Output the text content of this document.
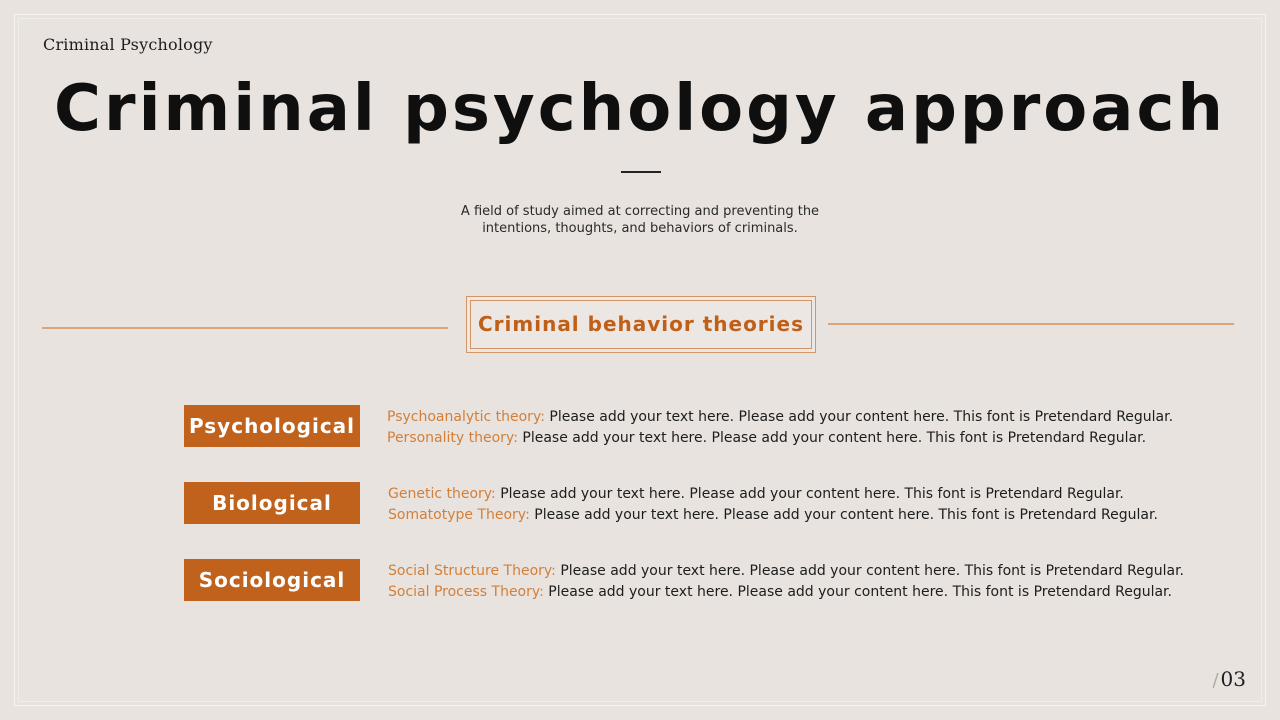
Criminal Psychology
Criminal psychology approach
A field of study aimed at correcting and preventing the intentions, thoughts, and behaviors of criminals.
Criminal behavior theories
Psychological	Psychoanalytic theory: Please add your text here. Please add your content here. This font is Pretendard Regular.
Personality theory: Please add your text here. Please add your content here. This font is Pretendard Regular.
Biological	Genetic theory: Please add your text here. Please add your content here. This font is Pretendard Regular.
Somatotype Theory: Please add your text here. Please add your content here. This font is Pretendard Regular.
Sociological	Social Structure Theory: Please add your text here. Please add your content here. This font is Pretendard Regular.
Social Process Theory: Please add your text here. Please add your content here. This font is Pretendard Regular.
/ 03
